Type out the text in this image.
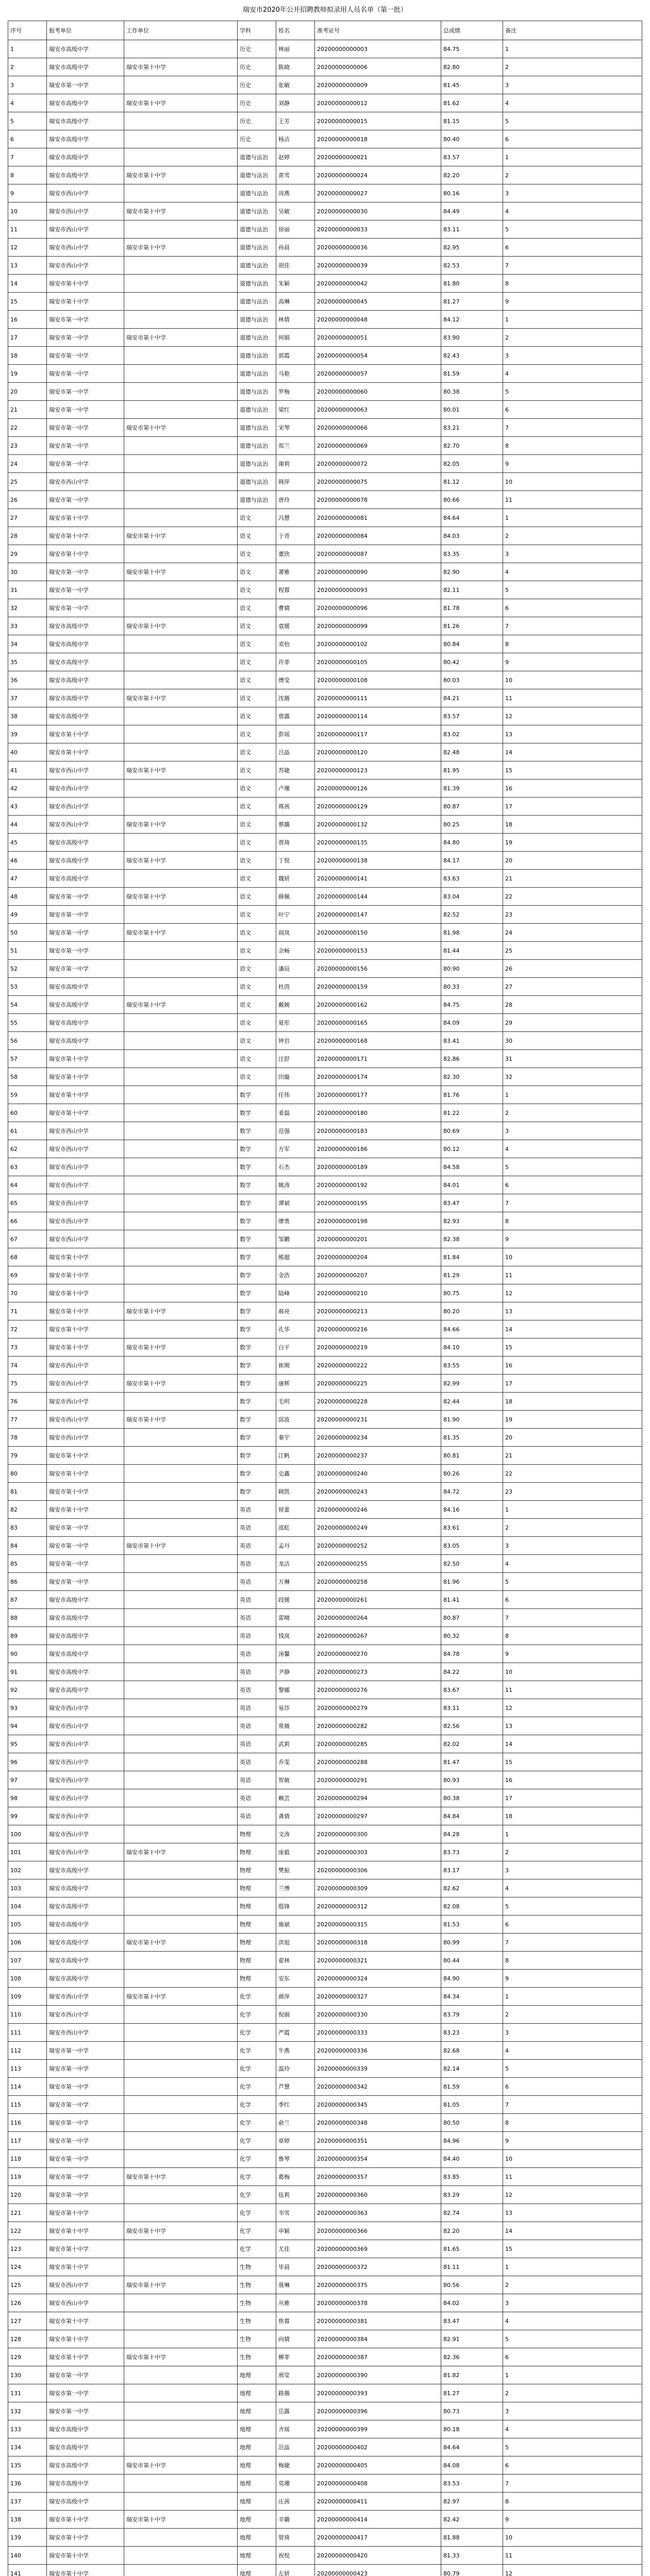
瑞安市2020年公开招聘教师拟录用人员名单（第一批）
序号	报考单位	工作单位	学科	姓名	准考证号	总成绩	备注
1	瑞安市高级中学		历史	林丽	20200000000003	84.75	1
2	瑞安市高级中学	瑞安市第十中学	历史	陈晓	20200000000006	82.80	2
3	瑞安市第一中学		历史	张敏	20200000000009	81.45	3
4	瑞安市高级中学	瑞安市第十中学	历史	刘静	20200000000012	81.62	4
5	瑞安市高级中学		历史	王芳	20200000000015	81.15	5
6	瑞安市高级中学		历史	杨洁	20200000000018	80.40	6
7	瑞安市高级中学		道德与法治	赵婷	20200000000021	83.57	1
8	瑞安市高级中学	瑞安市第十中学	道德与法治	黄雪	20200000000024	82.20	2
9	瑞安市西山中学		道德与法治	周燕	20200000000027	80.16	3
10	瑞安市西山中学	瑞安市第十中学	道德与法治	吴敏	20200000000030	84.49	4
11	瑞安市西山中学		道德与法治	徐丽	20200000000033	83.11	5
12	瑞安市西山中学	瑞安市第十中学	道德与法治	孙晨	20200000000036	82.95	6
13	瑞安市西山中学		道德与法治	胡佳	20200000000039	82.53	7
14	瑞安市第十中学		道德与法治	朱颖	20200000000042	81.80	8
15	瑞安市第十中学		道德与法治	高琳	20200000000045	81.27	9
16	瑞安市第一中学		道德与法治	林倩	20200000000048	84.12	1
17	瑞安市第一中学	瑞安市第十中学	道德与法治	何娟	20200000000051	83.90	2
18	瑞安市第一中学		道德与法治	郭霞	20200000000054	82.43	3
19	瑞安市第一中学		道德与法治	马艳	20200000000057	81.59	4
20	瑞安市第一中学		道德与法治	罗梅	20200000000060	80.38	5
21	瑞安市第一中学		道德与法治	梁红	20200000000063	80.01	6
22	瑞安市第一中学	瑞安市第十中学	道德与法治	宋琴	20200000000066	83.21	7
23	瑞安市第一中学		道德与法治	郑兰	20200000000069	82.70	8
24	瑞安市第一中学		道德与法治	谢莉	20200000000072	82.05	9
25	瑞安市西山中学		道德与法治	韩萍	20200000000075	81.12	10
26	瑞安市第一中学		道德与法治	唐玲	20200000000078	80.66	11
27	瑞安市第十中学		语文	冯慧	20200000000081	84.64	1
28	瑞安市第十中学	瑞安市第十中学	语文	于青	20200000000084	84.03	2
29	瑞安市第十中学		语文	董欣	20200000000087	83.35	3
30	瑞安市第一中学	瑞安市第十中学	语文	萧雅	20200000000090	82.90	4
31	瑞安市第一中学		语文	程蓉	20200000000093	82.11	5
32	瑞安市第一中学		语文	曹婧	20200000000096	81.78	6
33	瑞安市高级中学	瑞安市第十中学	语文	袁媛	20200000000099	81.26	7
34	瑞安市高级中学		语文	邓怡	20200000000102	80.84	8
35	瑞安市高级中学		语文	许菲	20200000000105	80.42	9
36	瑞安市高级中学		语文	傅莹	20200000000108	80.03	10
37	瑞安市高级中学	瑞安市第十中学	语文	沈薇	20200000000111	84.21	11
38	瑞安市高级中学		语文	曾露	20200000000114	83.57	12
39	瑞安市第十中学		语文	彭瑶	20200000000117	83.02	13
40	瑞安市第十中学		语文	吕晶	20200000000120	82.48	14
41	瑞安市西山中学	瑞安市第十中学	语文	苏婕	20200000000123	81.95	15
42	瑞安市西山中学		语文	卢珊	20200000000126	81.39	16
43	瑞安市西山中学		语文	蒋茜	20200000000129	80.87	17
44	瑞安市西山中学	瑞安市第十中学	语文	蔡璐	20200000000132	80.25	18
45	瑞安市高级中学		语文	贾琦	20200000000135	84.80	19
46	瑞安市高级中学	瑞安市第十中学	语文	丁悦	20200000000138	84.17	20
47	瑞安市高级中学		语文	魏妍	20200000000141	83.63	21
48	瑞安市第一中学	瑞安市第十中学	语文	薛佩	20200000000144	83.04	22
49	瑞安市第一中学		语文	叶宁	20200000000147	82.52	23
50	瑞安市第一中学	瑞安市第十中学	语文	阎岚	20200000000150	81.98	24
51	瑞安市第一中学		语文	余畅	20200000000153	81.44	25
52	瑞安市第一中学		语文	潘辰	20200000000156	80.90	26
53	瑞安市高级中学		语文	杜茵	20200000000159	80.33	27
54	瑞安市高级中学	瑞安市第十中学	语文	戴婉	20200000000162	84.75	28
55	瑞安市高级中学		语文	夏彤	20200000000165	84.09	29
56	瑞安市高级中学		语文	钟岩	20200000000168	83.41	30
57	瑞安市第十中学		语文	汪舒	20200000000171	82.86	31
58	瑞安市第十中学		语文	田璇	20200000000174	82.30	32
59	瑞安市第十中学		数学	任伟	20200000000177	81.76	1
60	瑞安市第十中学		数学	姜磊	20200000000180	81.22	2
61	瑞安市西山中学		数学	范强	20200000000183	80.69	3
62	瑞安市西山中学		数学	方军	20200000000186	80.12	4
63	瑞安市西山中学		数学	石杰	20200000000189	84.58	5
64	瑞安市西山中学		数学	姚涛	20200000000192	84.01	6
65	瑞安市西山中学		数学	谭斌	20200000000195	83.47	7
66	瑞安市西山中学		数学	廖勇	20200000000198	82.93	8
67	瑞安市西山中学		数学	邹鹏	20200000000201	82.38	9
68	瑞安市第十中学		数学	熊超	20200000000204	81.84	10
69	瑞安市第十中学		数学	金浩	20200000000207	81.29	11
70	瑞安市第十中学		数学	陆峰	20200000000210	80.75	12
71	瑞安市第十中学	瑞安市第十中学	数学	郝亮	20200000000213	80.20	13
72	瑞安市第十中学		数学	孔华	20200000000216	84.66	14
73	瑞安市第十中学	瑞安市第十中学	数学	白平	20200000000219	84.10	15
74	瑞安市西山中学		数学	崔刚	20200000000222	83.55	16
75	瑞安市西山中学	瑞安市第十中学	数学	康辉	20200000000225	82.99	17
76	瑞安市西山中学		数学	毛明	20200000000228	82.44	18
77	瑞安市西山中学	瑞安市第十中学	数学	邱波	20200000000231	81.90	19
78	瑞安市西山中学		数学	秦宇	20200000000234	81.35	20
79	瑞安市第十中学		数学	江帆	20200000000237	80.81	21
80	瑞安市第十中学		数学	史鑫	20200000000240	80.26	22
81	瑞安市第十中学		数学	顾凯	20200000000243	84.72	23
82	瑞安市第十中学		英语	侯蕾	20200000000246	84.16	1
83	瑞安市第一中学		英语	邵虹	20200000000249	83.61	2
84	瑞安市第一中学	瑞安市第十中学	英语	孟丹	20200000000252	83.05	3
85	瑞安市第一中学		英语	龙洁	20200000000255	82.50	4
86	瑞安市第一中学		英语	万琳	20200000000258	81.96	5
87	瑞安市高级中学		英语	段媛	20200000000261	81.41	6
88	瑞安市高级中学		英语	雷晴	20200000000264	80.87	7
89	瑞安市高级中学		英语	钱岚	20200000000267	80.32	8
90	瑞安市高级中学		英语	汤馨	20200000000270	84.78	9
91	瑞安市高级中学		英语	尹静	20200000000273	84.22	10
92	瑞安市高级中学		英语	黎娜	20200000000276	83.67	11
93	瑞安市西山中学		英语	易莎	20200000000279	83.11	12
94	瑞安市西山中学		英语	常薇	20200000000282	82.56	13
95	瑞安市西山中学		英语	武莉	20200000000285	82.02	14
96	瑞安市西山中学		英语	乔雯	20200000000288	81.47	15
97	瑞安市西山中学		英语	贺敏	20200000000291	80.93	16
98	瑞安市西山中学		英语	赖芸	20200000000294	80.38	17
99	瑞安市西山中学		英语	龚倩	20200000000297	84.84	18
100	瑞安市西山中学		物理	文涛	20200000000300	84.28	1
101	瑞安市西山中学	瑞安市第十中学	物理	庞毅	20200000000303	83.73	2
102	瑞安市高级中学		物理	樊振	20200000000306	83.17	3
103	瑞安市高级中学		物理	兰博	20200000000309	82.62	4
104	瑞安市高级中学		物理	殷锋	20200000000312	82.08	5
105	瑞安市高级中学		物理	施斌	20200000000315	81.53	6
106	瑞安市高级中学	瑞安市第十中学	物理	洪旭	20200000000318	80.99	7
107	瑞安市高级中学		物理	翟林	20200000000321	80.44	8
108	瑞安市高级中学		物理	安东	20200000000324	84.90	9
109	瑞安市西山中学	瑞安市第十中学	化学	颜萍	20200000000327	84.34	1
110	瑞安市西山中学		化学	倪娟	20200000000330	83.79	2
111	瑞安市西山中学		化学	严霞	20200000000333	83.23	3
112	瑞安市第一中学		化学	牛燕	20200000000336	82.68	4
113	瑞安市第一中学		化学	温玲	20200000000339	82.14	5
114	瑞安市第一中学		化学	芦慧	20200000000342	81.59	6
115	瑞安市第一中学		化学	季红	20200000000345	81.05	7
116	瑞安市第一中学		化学	俞兰	20200000000348	80.50	8
117	瑞安市第一中学		化学	章婷	20200000000351	84.96	9
118	瑞安市第一中学		化学	鲁琴	20200000000354	84.40	10
119	瑞安市第一中学	瑞安市第十中学	化学	葛梅	20200000000357	83.85	11
120	瑞安市第一中学		化学	伍莉	20200000000360	83.29	12
121	瑞安市第十中学		化学	韦雪	20200000000363	82.74	13
122	瑞安市第十中学	瑞安市第十中学	化学	申颖	20200000000366	82.20	14
123	瑞安市第十中学		化学	尤佳	20200000000369	81.65	15
124	瑞安市第十中学		生物	毕晨	20200000000372	81.11	1
125	瑞安市西山中学	瑞安市第十中学	生物	聂琳	20200000000375	80.56	2
126	瑞安市西山中学		生物	丛雅	20200000000378	84.02	3
127	瑞安市第十中学		生物	焦蓉	20200000000381	83.47	4
128	瑞安市第十中学		生物	向婧	20200000000384	82.91	5
129	瑞安市第十中学	瑞安市第十中学	生物	柳菲	20200000000387	82.36	6
130	瑞安市第一中学		地理	邢莹	20200000000390	81.82	1
131	瑞安市第一中学		地理	路薇	20200000000393	81.27	2
132	瑞安市第一中学		地理	岳露	20200000000396	80.73	3
133	瑞安市高级中学		地理	齐瑶	20200000000399	80.18	4
134	瑞安市高级中学		地理	沿晶	20200000000402	84.64	5
135	瑞安市高级中学	瑞安市第十中学	地理	梅婕	20200000000405	84.08	6
136	瑞安市高级中学		地理	莫珊	20200000000408	83.53	7
137	瑞安市高级中学		地理	庄茜	20200000000411	82.97	8
138	瑞安市第十中学	瑞安市第十中学	地理	辛璐	20200000000414	82.42	9
139	瑞安市第十中学		地理	管琦	20200000000417	81.88	10
140	瑞安市第十中学		地理	祝悦	20200000000420	81.33	11
141	瑞安市第十中学		地理	左妍	20200000000423	80.79	12
